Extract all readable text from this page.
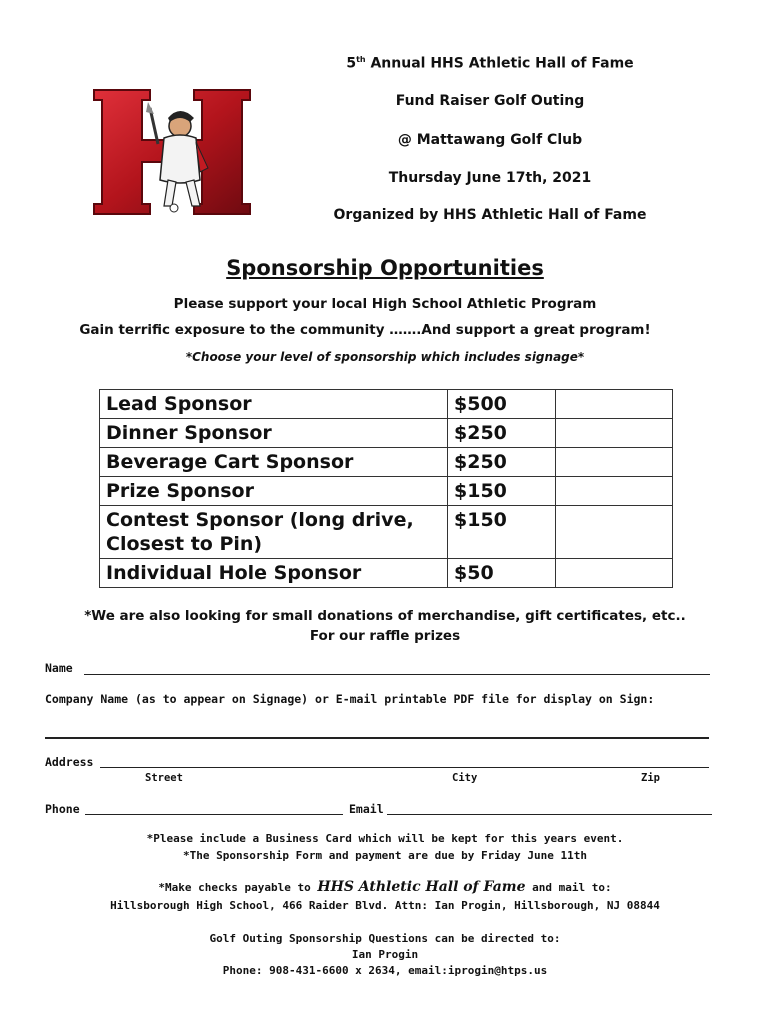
5th Annual HHS Athletic Hall of Fame
Fund Raiser Golf Outing
@ Mattawang Golf Club
Thursday June 17th, 2021
Organized by HHS Athletic Hall of Fame
Sponsorship Opportunities
Please support your local High School Athletic Program
Gain terrific exposure to the community …….And support a great program!
*Choose your level of sponsorship which includes signage*
Lead Sponsor	$500	
Dinner Sponsor	$250	
Beverage Cart Sponsor	$250	
Prize Sponsor	$150	
Contest Sponsor (long drive, Closest to Pin)	$150	
Individual Hole Sponsor	$50	
*We are also looking for small donations of merchandise, gift certificates, etc..
For our raffle prizes
Name
Company Name (as to appear on Signage) or E-mail printable PDF file for display on Sign:
Address
Street	City	Zip
Phone	Email
*Please include a Business Card which will be kept for this years event.
*The Sponsorship Form and payment are due by Friday June 11th
*Make checks payable to HHS Athletic Hall of Fame and mail to:
Hillsborough High School, 466 Raider Blvd. Attn: Ian Progin, Hillsborough, NJ 08844
Golf Outing Sponsorship Questions can be directed to:
Ian Progin
Phone: 908-431-6600 x 2634, email:iprogin@htps.us
